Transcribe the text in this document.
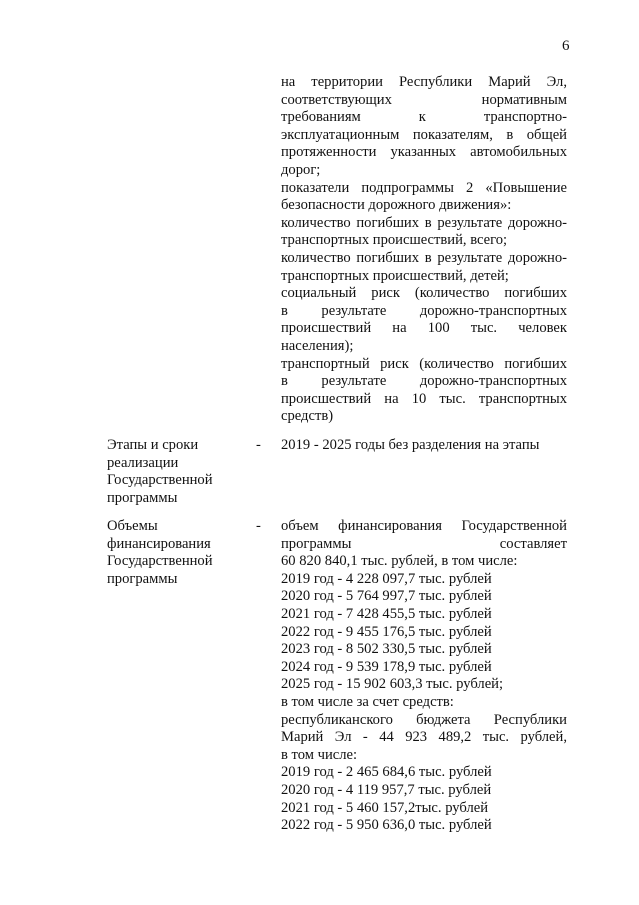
6
на территории Республики Марий Эл,
соответствующих нормативным
требованиям к транспортно-
эксплуатационным показателям, в общей
протяженности указанных автомобильных
дорог;
показатели подпрограммы 2 «Повышение
безопасности дорожного движения»:
количество погибших в результате дорожно-
транспортных происшествий, всего;
количество погибших в результате дорожно-
транспортных происшествий, детей;
социальный риск (количество погибших
в результате дорожно-транспортных
происшествий на 100 тыс. человек
населения);
транспортный риск (количество погибших
в результате дорожно-транспортных
происшествий на 10 тыс. транспортных
средств)
Этапы и сроки
реализации
Государственной
программы
- 2019 - 2025 годы без разделения на этапы
Объемы
финансирования
Государственной
программы
- объем финансирования Государственной
программы составляет
60 820 840,1 тыс. рублей, в том числе:
2019 год - 4 228 097,7 тыс. рублей
2020 год - 5 764 997,7 тыс. рублей
2021 год - 7 428 455,5 тыс. рублей
2022 год - 9 455 176,5 тыс. рублей
2023 год - 8 502 330,5 тыс. рублей
2024 год - 9 539 178,9 тыс. рублей
2025 год - 15 902 603,3 тыс. рублей;
в том числе за счет средств:
республиканского бюджета Республики
Марий Эл - 44 923 489,2 тыс. рублей,
в том числе:
2019 год - 2 465 684,6 тыс. рублей
2020 год - 4 119 957,7 тыс. рублей
2021 год - 5 460 157,2тыс. рублей
2022 год - 5 950 636,0 тыс. рублей
